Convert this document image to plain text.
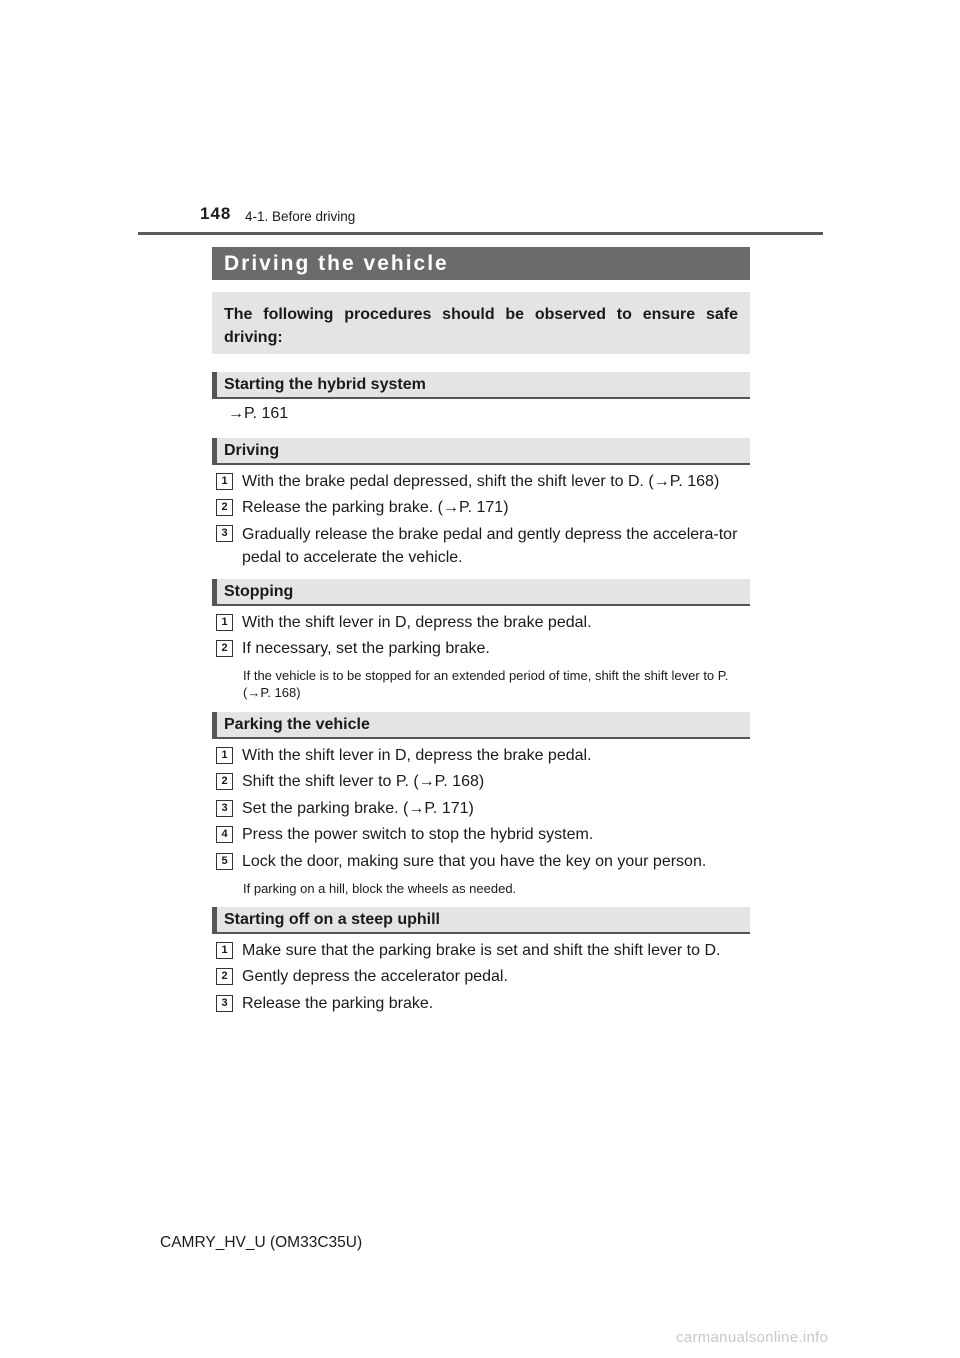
148 4-1. Before driving
Driving the vehicle
The following procedures should be observed to ensure safe driving:
Starting the hybrid system
→P. 161
Driving
1 With the brake pedal depressed, shift the shift lever to D. (→P. 168)
2 Release the parking brake. (→P. 171)
3 Gradually release the brake pedal and gently depress the accelera-tor pedal to accelerate the vehicle.
Stopping
1 With the shift lever in D, depress the brake pedal.
2 If necessary, set the parking brake.
If the vehicle is to be stopped for an extended period of time, shift the shift lever to P. (→P. 168)
Parking the vehicle
1 With the shift lever in D, depress the brake pedal.
2 Shift the shift lever to P. (→P. 168)
3 Set the parking brake. (→P. 171)
4 Press the power switch to stop the hybrid system.
5 Lock the door, making sure that you have the key on your person.
If parking on a hill, block the wheels as needed.
Starting off on a steep uphill
1 Make sure that the parking brake is set and shift the shift lever to D.
2 Gently depress the accelerator pedal.
3 Release the parking brake.
CAMRY_HV_U (OM33C35U)
carmanualsonline.info
